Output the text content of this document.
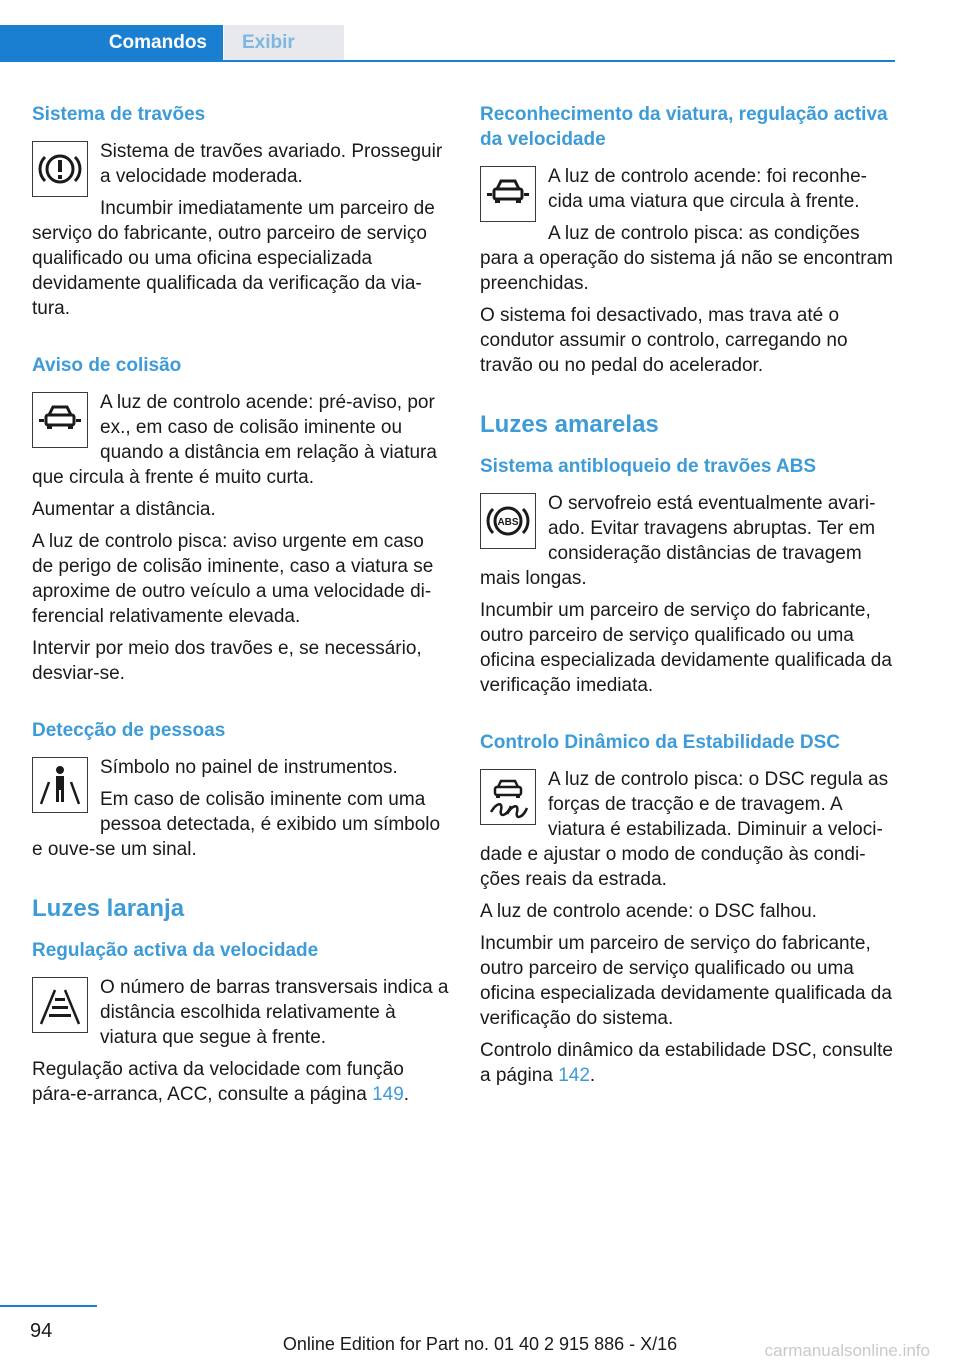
Comandos	Exibir
Sistema de travões

Sistema de travões avariado. Prosseguir a velocidade moderada.

Incumbir imediatamente um parceiro de serviço do fabricante, outro parceiro de serviço qualificado ou uma oficina especializada devidamente qualificada da verificação da viatura.

Aviso de colisão

A luz de controlo acende: pré-aviso, por ex., em caso de colisão iminente ou quando a distância em relação à viatura que circula à frente é muito curta.

Aumentar a distância.

A luz de controlo pisca: aviso urgente em caso de perigo de colisão iminente, caso a viatura se aproxime de outro veículo a uma velocidade diferencial relativamente elevada.

Intervir por meio dos travões e, se necessário, desviar-se.

Detecção de pessoas

Símbolo no painel de instrumentos.

Em caso de colisão iminente com uma pessoa detectada, é exibido um símbolo e ouve-se um sinal.

Luzes laranja
Regulação activa da velocidade

O número de barras transversais indica a distância escolhida relativamente à viatura que segue à frente.

Regulação activa da velocidade com função pára-e-arranca, ACC, consulte a página 149.

Reconhecimento da viatura, regulação activa da velocidade

A luz de controlo acende: foi reconhecida uma viatura que circula à frente.

A luz de controlo pisca: as condições para a operação do sistema já não se encontram preenchidas.

O sistema foi desactivado, mas trava até o condutor assumir o controlo, carregando no travão ou no pedal do acelerador.

Luzes amarelas
Sistema antibloqueio de travões ABS
ABS

O servofreio está eventualmente avariado. Evitar travagens abruptas. Ter em consideração distâncias de travagem mais longas.

Incumbir um parceiro de serviço do fabricante, outro parceiro de serviço qualificado ou uma oficina especializada devidamente qualificada da verificação imediata.

Controlo Dinâmico da Estabilidade DSC

A luz de controlo pisca: o DSC regula as forças de tracção e de travagem. A viatura é estabilizada. Diminuir a velocidade e ajustar o modo de condução às condições reais da estrada.

A luz de controlo acende: o DSC falhou.

Incumbir um parceiro de serviço do fabricante, outro parceiro de serviço qualificado ou uma oficina especializada devidamente qualificada da verificação do sistema.

Controlo dinâmico da estabilidade DSC, consulte a página 142.

94
Online Edition for Part no. 01 40 2 915 886 - X/16	carmanualsonline.info
